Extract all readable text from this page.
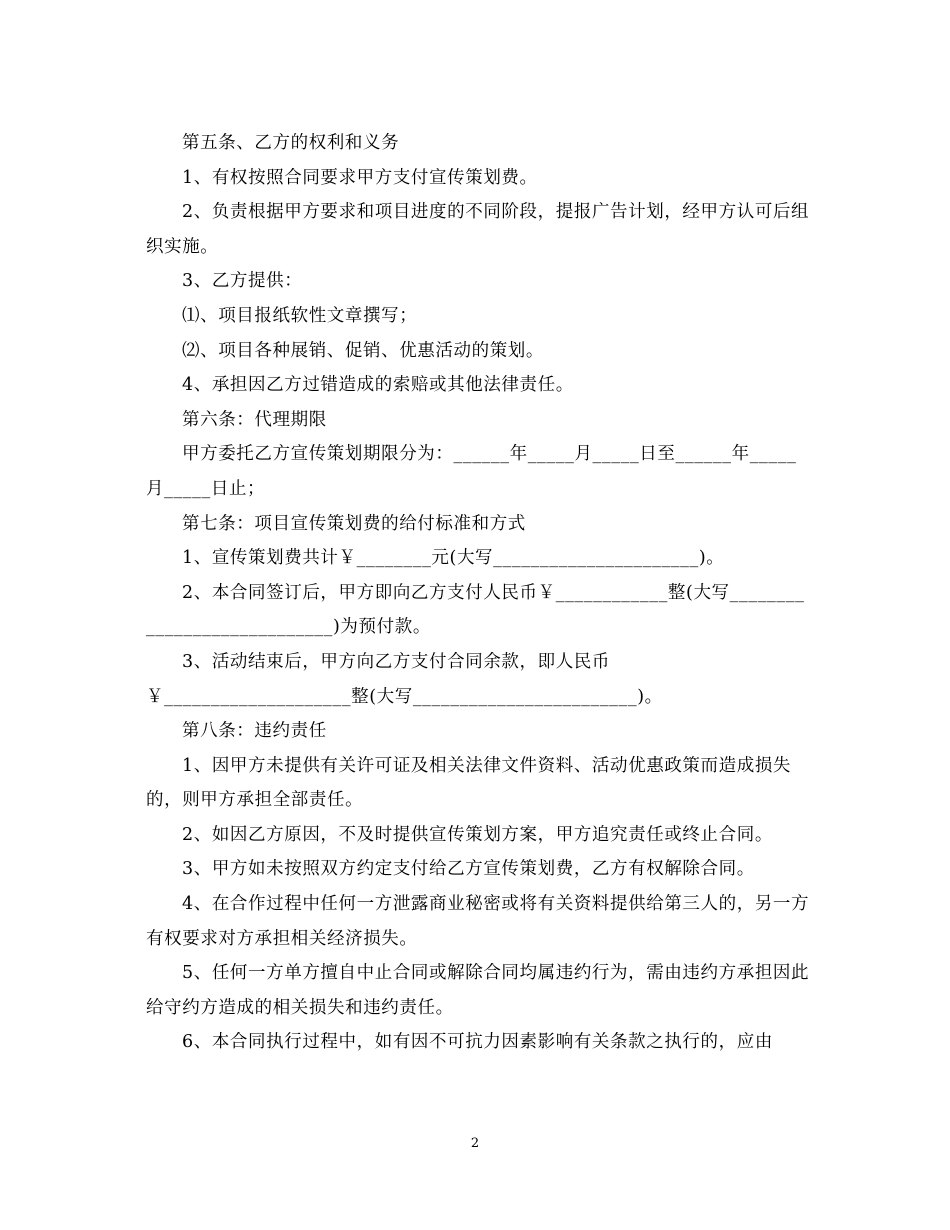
第五条、乙方的权利和义务

1、有权按照合同要求甲方支付宣传策划费。

2、负责根据甲方要求和项目进度的不同阶段，提报广告计划，经甲方认可后组织实施。

3、乙方提供：

⑴、项目报纸软性文章撰写；

⑵、项目各种展销、促销、优惠活动的策划。

4、承担因乙方过错造成的索赔或其他法律责任。

第六条：代理期限

甲方委托乙方宣传策划期限分为：______年_____月_____日至______年_____月_____日止；

第七条：项目宣传策划费的给付标准和方式

1、宣传策划费共计￥________元(大写______________________)。

2、本合同签订后，甲方即向乙方支付人民币￥____________整(大写____________________________)为预付款。

3、活动结束后，甲方向乙方支付合同余款，即人民币

￥____________________整(大写________________________)。

第八条：违约责任

1、因甲方未提供有关许可证及相关法律文件资料、活动优惠政策而造成损失的，则甲方承担全部责任。

2、如因乙方原因，不及时提供宣传策划方案，甲方追究责任或终止合同。

3、甲方如未按照双方约定支付给乙方宣传策划费，乙方有权解除合同。

4、在合作过程中任何一方泄露商业秘密或将有关资料提供给第三人的，另一方有权要求对方承担相关经济损失。

5、任何一方单方擅自中止合同或解除合同均属违约行为，需由违约方承担因此给守约方造成的相关损失和违约责任。

6、本合同执行过程中，如有因不可抗力因素影响有关条款之执行的，应由

2
